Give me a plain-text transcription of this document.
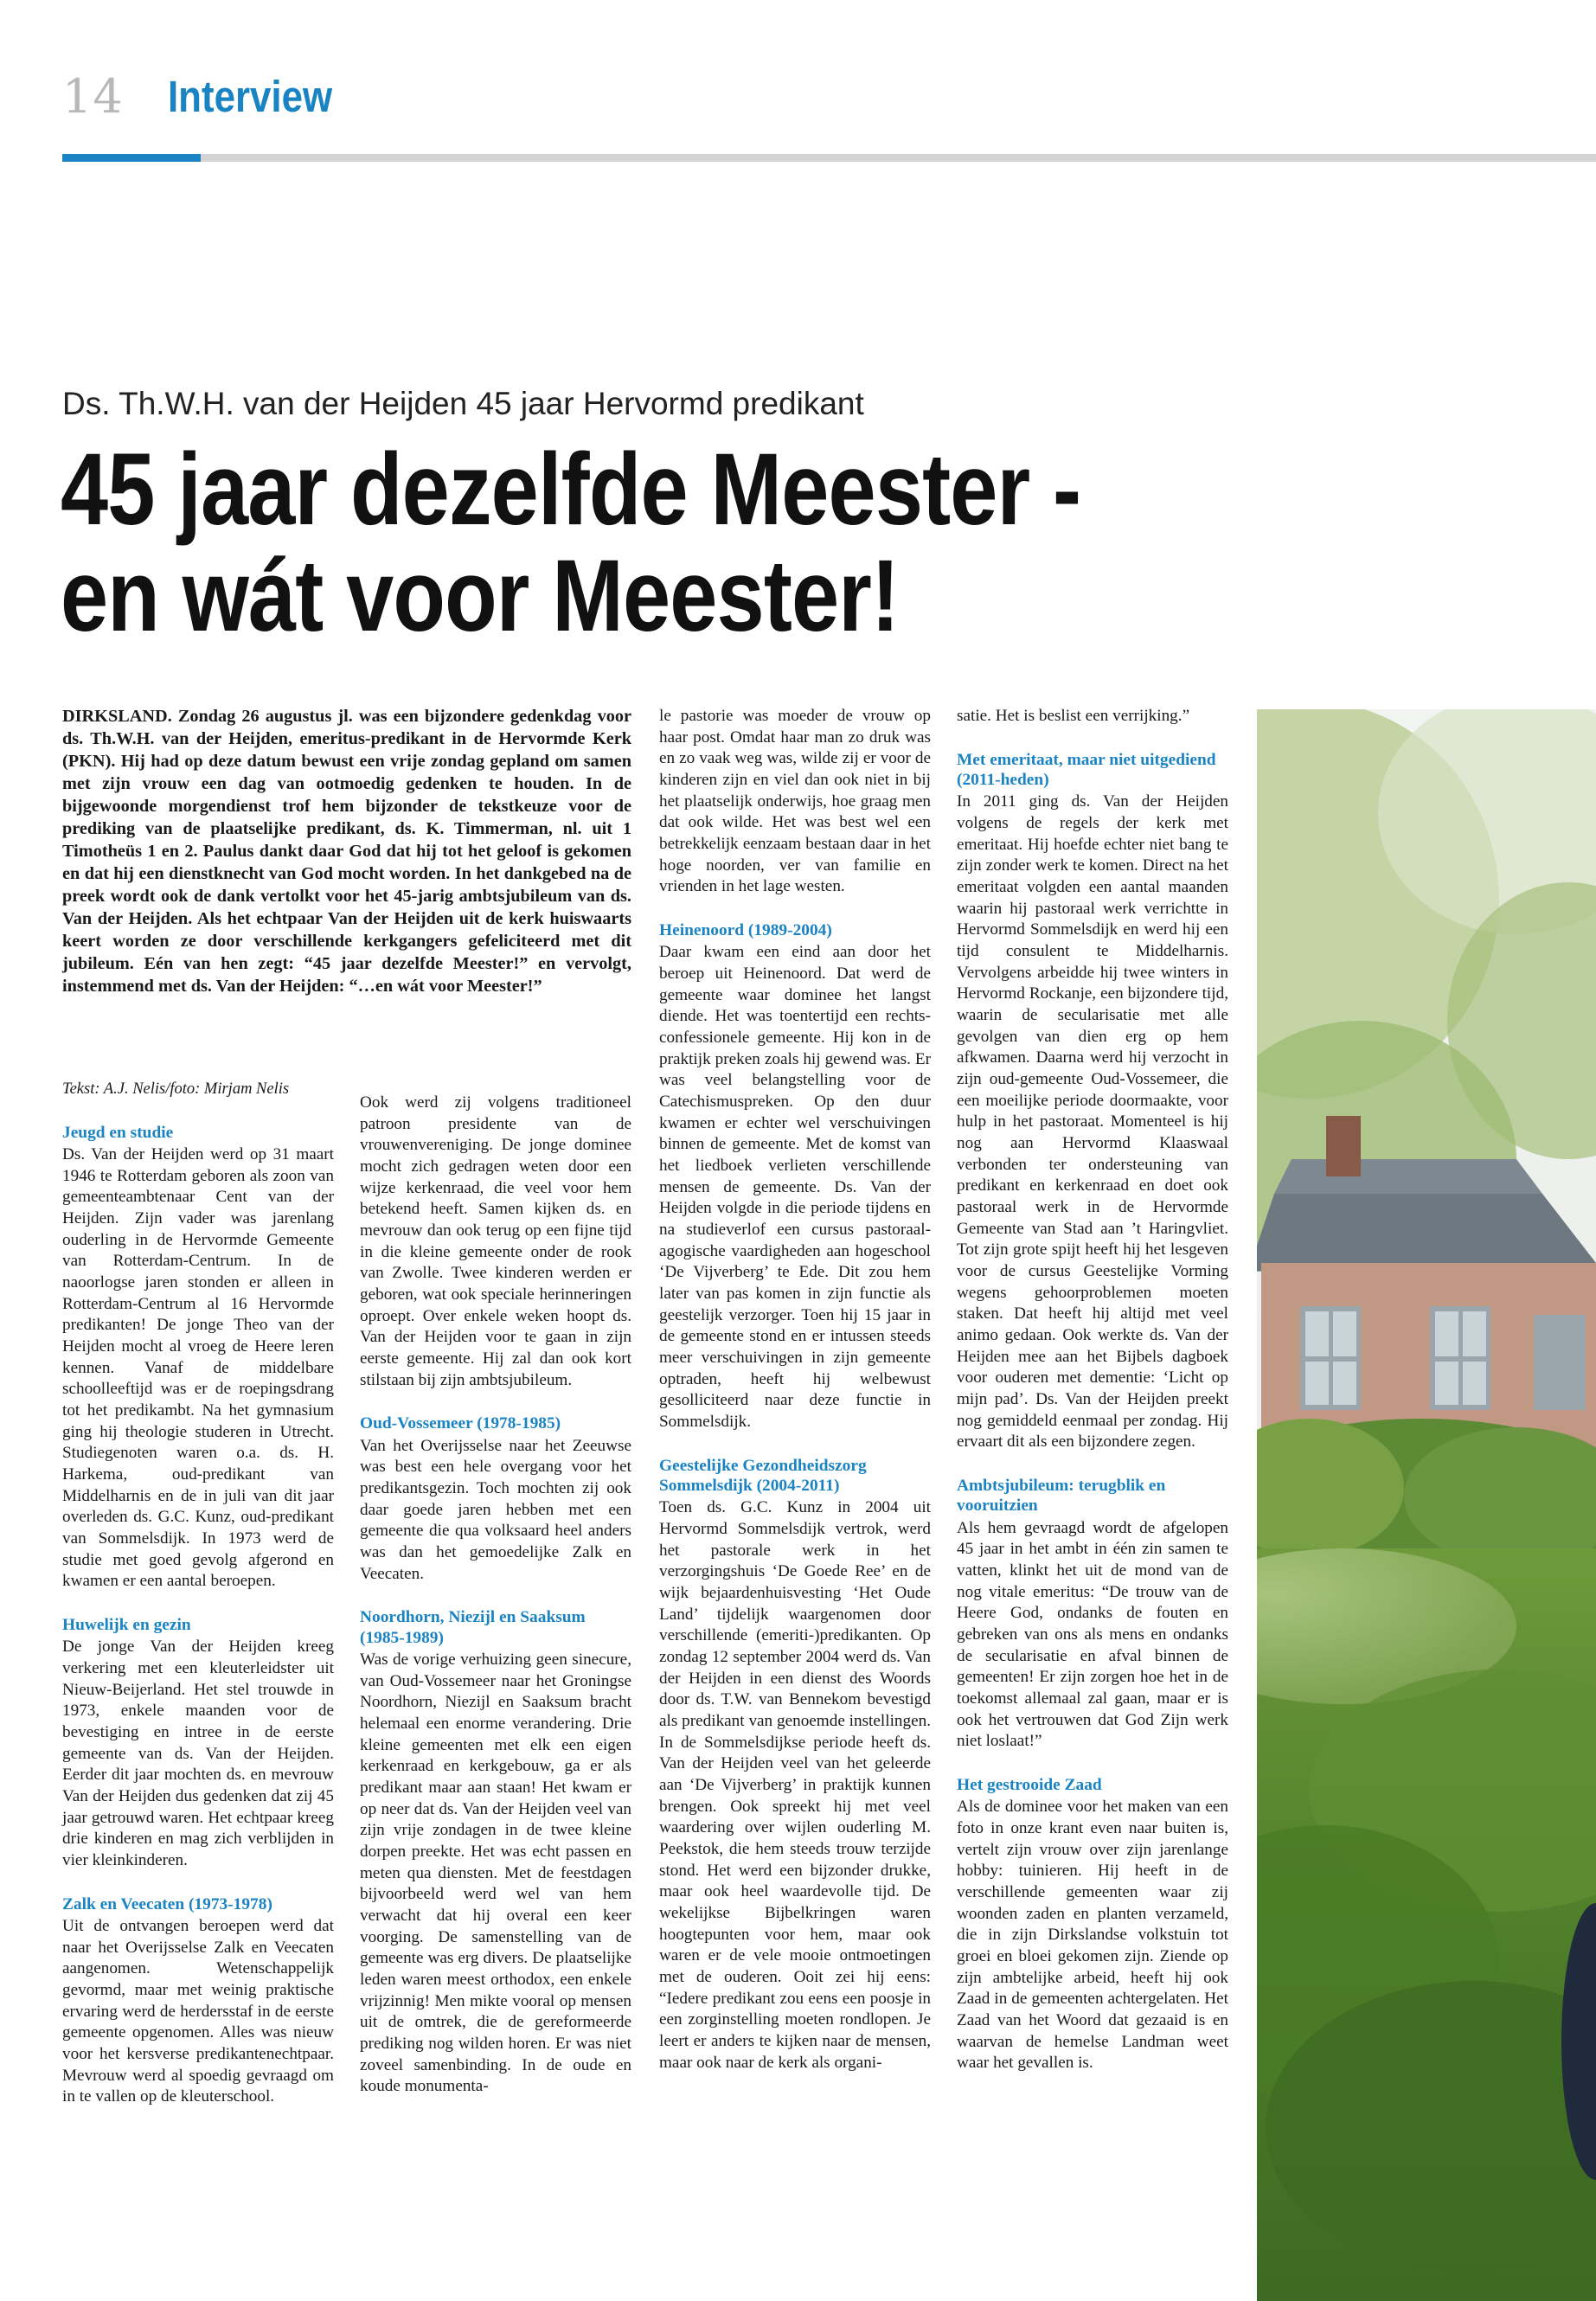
14 Interview
Ds. Th.W.H. van der Heijden 45 jaar Hervormd predikant
45 jaar dezelfde Meester -
en wát voor Meester!
DIRKSLAND. Zondag 26 augustus jl. was een bijzondere gedenkdag voor ds. Th.W.H. van der Heijden, emeritus-predikant in de Hervormde Kerk (PKN). Hij had op deze datum bewust een vrije zondag gepland om samen met zijn vrouw een dag van ootmoedig gedenken te houden. In de bijgewoonde morgendienst trof hem bijzonder de tekstkeuze voor de prediking van de plaatselijke predikant, ds. K. Timmerman, nl. uit 1 Timotheüs 1 en 2. Paulus dankt daar God dat hij tot het geloof is gekomen en dat hij een dienstknecht van God mocht worden. In het dankgebed na de preek wordt ook de dank vertolkt voor het 45-jarig ambtsjubileum van ds. Van der Heijden. Als het echtpaar Van der Heijden uit de kerk huiswaarts keert worden ze door verschillende kerkgangers gefeliciteerd met dit jubileum. Eén van hen zegt: “45 jaar dezelfde Meester!” en vervolgt, instemmend met ds. Van der Heijden: “…en wát voor Meester!”

Tekst: A.J. Nelis/foto: Mirjam Nelis

Jeugd en studie

Ds. Van der Heijden werd op 31 maart 1946 te Rotterdam geboren als zoon van gemeenteambtenaar Cent van der Heijden. Zijn vader was jarenlang ouderling in de Hervormde Gemeente van Rotterdam-Centrum. In de naoorlogse jaren stonden er alleen in Rotterdam-Centrum al 16 Hervormde predikanten! De jonge Theo van der Heijden mocht al vroeg de Heere leren kennen. Vanaf de middelbare schoolleeftijd was er de roepingsdrang tot het predikambt. Na het gymnasium ging hij theologie studeren in Utrecht. Studiegenoten waren o.a. ds. H. Harkema, oud-predikant van Middelharnis en de in juli van dit jaar overleden ds. G.C. Kunz, oud-predikant van Sommelsdijk. In 1973 werd de studie met goed gevolg afgerond en kwamen er een aantal beroepen.

Huwelijk en gezin

De jonge Van der Heijden kreeg verkering met een kleuterleidster uit Nieuw-Beijerland. Het stel trouwde in 1973, enkele maanden voor de bevestiging en intree in de eerste gemeente van ds. Van der Heijden. Eerder dit jaar mochten ds. en mevrouw Van der Heijden dus gedenken dat zij 45 jaar getrouwd waren. Het echtpaar kreeg drie kinderen en mag zich verblijden in vier kleinkinderen.

Zalk en Veecaten (1973-1978)

Uit de ontvangen beroepen werd dat naar het Overijsselse Zalk en Veecaten aangenomen. Wetenschappelijk gevormd, maar met weinig praktische ervaring werd de herdersstaf in de eerste gemeente opgenomen. Alles was nieuw voor het kersverse predikantenechtpaar. Mevrouw werd al spoedig gevraagd om in te vallen op de kleuterschool.

Ook werd zij volgens traditioneel patroon presidente van de vrouwenvereniging. De jonge dominee mocht zich gedragen weten door een wijze kerkenraad, die veel voor hem betekend heeft. Samen kijken ds. en mevrouw dan ook terug op een fijne tijd in die kleine gemeente onder de rook van Zwolle. Twee kinderen werden er geboren, wat ook speciale herinneringen oproept. Over enkele weken hoopt ds. Van der Heijden voor te gaan in zijn eerste gemeente. Hij zal dan ook kort stilstaan bij zijn ambtsjubileum.

Oud-Vossemeer (1978-1985)

Van het Overijsselse naar het Zeeuwse was best een hele overgang voor het predikantsgezin. Toch mochten zij ook daar goede jaren hebben met een gemeente die qua volksaard heel anders was dan het gemoedelijke Zalk en Veecaten.

Noordhorn, Niezijl en Saaksum (1985-1989)

Was de vorige verhuizing geen sinecure, van Oud-Vossemeer naar het Groningse Noordhorn, Niezijl en Saaksum bracht helemaal een enorme verandering. Drie kleine gemeenten met elk een eigen kerkenraad en kerkgebouw, ga er als predikant maar aan staan! Het kwam er op neer dat ds. Van der Heijden veel van zijn vrije zondagen in de twee kleine dorpen preekte. Het was echt passen en meten qua diensten. Met de feestdagen bijvoorbeeld werd wel van hem verwacht dat hij overal een keer voorging. De samenstelling van de gemeente was erg divers. De plaatselijke leden waren meest orthodox, een enkele vrijzinnig! Men mikte vooral op mensen uit de omtrek, die de gereformeerde prediking nog wilden horen. Er was niet zoveel samenbinding. In de oude en koude monumenta-

le pastorie was moeder de vrouw op haar post. Omdat haar man zo druk was en zo vaak weg was, wilde zij er voor de kinderen zijn en viel dan ook niet in bij het plaatselijk onderwijs, hoe graag men dat ook wilde. Het was best wel een betrekkelijk eenzaam bestaan daar in het hoge noorden, ver van familie en vrienden in het lage westen.

Heinenoord (1989-2004)

Daar kwam een eind aan door het beroep uit Heinenoord. Dat werd de gemeente waar dominee het langst diende. Het was toentertijd een rechts-confessionele gemeente. Hij kon in de praktijk preken zoals hij gewend was. Er was veel belangstelling voor de Catechismuspreken. Op den duur kwamen er echter wel verschuivingen binnen de gemeente. Met de komst van het liedboek verlieten verschillende mensen de gemeente. Ds. Van der Heijden volgde in die periode tijdens en na studieverlof een cursus pastoraal-agogische vaardigheden aan hogeschool ‘De Vijverberg’ te Ede. Dit zou hem later van pas komen in zijn functie als geestelijk verzorger. Toen hij 15 jaar in de gemeente stond en er intussen steeds meer verschuivingen in zijn gemeente optraden, heeft hij welbewust gesolliciteerd naar deze functie in Sommelsdijk.

Geestelijke Gezondheidszorg Sommelsdijk (2004-2011)

Toen ds. G.C. Kunz in 2004 uit Hervormd Sommelsdijk vertrok, werd het pastorale werk in het verzorgingshuis ‘De Goede Ree’ en de wijk bejaardenhuisvesting ‘Het Oude Land’ tijdelijk waargenomen door verschillende (emeriti-)predikanten. Op zondag 12 september 2004 werd ds. Van der Heijden in een dienst des Woords door ds. T.W. van Bennekom bevestigd als predikant van genoemde instellingen. In de Sommelsdijkse periode heeft ds. Van der Heijden veel van het geleerde aan ‘De Vijverberg’ in praktijk kunnen brengen. Ook spreekt hij met veel waardering over wijlen ouderling M. Peekstok, die hem steeds trouw terzijde stond. Het werd een bijzonder drukke, maar ook heel waardevolle tijd. De wekelijkse Bijbelkringen waren hoogtepunten voor hem, maar ook waren er de vele mooie ontmoetingen met de ouderen. Ooit zei hij eens: “Iedere predikant zou eens een poosje in een zorginstelling moeten rondlopen. Je leert er anders te kijken naar de mensen, maar ook naar de kerk als organi-

satie. Het is beslist een verrijking.”

Met emeritaat, maar niet uitgediend (2011-heden)

In 2011 ging ds. Van der Heijden volgens de regels der kerk met emeritaat. Hij hoefde echter niet bang te zijn zonder werk te komen. Direct na het emeritaat volgden een aantal maanden waarin hij pastoraal werk verrichtte in Hervormd Sommelsdijk en werd hij een tijd consulent te Middelharnis. Vervolgens arbeidde hij twee winters in Hervormd Rockanje, een bijzondere tijd, waarin de secularisatie met alle gevolgen van dien erg op hem afkwamen. Daarna werd hij verzocht in zijn oud-gemeente Oud-Vossemeer, die een moeilijke periode doormaakte, voor hulp in het pastoraat. Momenteel is hij nog aan Hervormd Klaaswaal verbonden ter ondersteuning van predikant en kerkenraad en doet ook pastoraal werk in de Hervormde Gemeente van Stad aan ’t Haringvliet. Tot zijn grote spijt heeft hij het lesgeven voor de cursus Geestelijke Vorming wegens gehoorproblemen moeten staken. Dat heeft hij altijd met veel animo gedaan. Ook werkte ds. Van der Heijden mee aan het Bijbels dagboek voor ouderen met dementie: ‘Licht op mijn pad’. Ds. Van der Heijden preekt nog gemiddeld eenmaal per zondag. Hij ervaart dit als een bijzondere zegen.

Ambtsjubileum: terugblik en vooruitzien

Als hem gevraagd wordt de afgelopen 45 jaar in het ambt in één zin samen te vatten, klinkt het uit de mond van de nog vitale emeritus: “De trouw van de Heere God, ondanks de fouten en gebreken van ons als mens en ondanks de secularisatie en afval binnen de gemeenten! Er zijn zorgen hoe het in de toekomst allemaal zal gaan, maar er is ook het vertrouwen dat God Zijn werk niet loslaat!”

Het gestrooide Zaad

Als de dominee voor het maken van een foto in onze krant even naar buiten is, vertelt zijn vrouw over zijn jarenlange hobby: tuinieren. Hij heeft in de verschillende gemeenten waar zij woonden zaden en planten verzameld, die in zijn Dirkslandse volkstuin tot groei en bloei gekomen zijn. Ziende op zijn ambtelijke arbeid, heeft hij ook Zaad in de gemeenten achtergelaten. Het Zaad van het Woord dat gezaaid is en waarvan de hemelse Landman weet waar het gevallen is.
